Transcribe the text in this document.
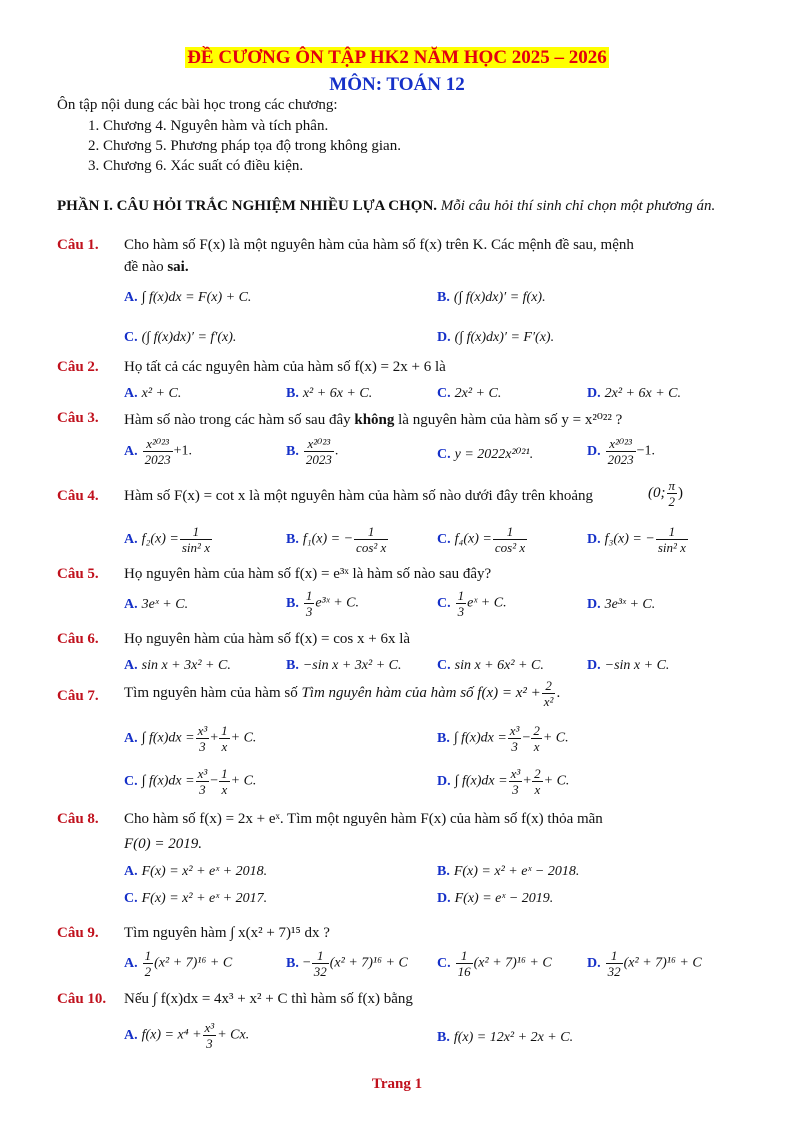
ĐỀ CƯƠNG ÔN TẬP HK2 NĂM HỌC 2025 – 2026
MÔN: TOÁN 12
Ôn tập nội dung các bài học trong các chương:
1. Chương 4. Nguyên hàm và tích phân.
2. Chương 5. Phương pháp tọa độ trong không gian.
3. Chương 6. Xác suất có điều kiện.
PHẦN I. CÂU HỎI TRẮC NGHIỆM NHIỀU LỰA CHỌN. Mỗi câu hỏi thí sinh chỉ chọn một phương án.
Câu 1. Cho hàm số F(x) là một nguyên hàm của hàm số f(x) trên K. Các mệnh đề sau, mệnh
đề nào sai.
A. ∫ f(x)dx = F(x) + C.	B. (∫ f(x)dx)′ = f(x).
C. (∫ f(x)dx)′ = f′(x).	D. (∫ f(x)dx)′ = F′(x).
Câu 2. Họ tất cả các nguyên hàm của hàm số f(x) = 2x + 6 là
A. x² + C.	B. x² + 6x + C.	C. 2x² + C.	D. 2x² + 6x + C.
Câu 3. Hàm số nào trong các hàm số sau đây không là nguyên hàm của hàm số y = x²⁰²² ?
A. $\frac{\text{x²⁰²³}}{2023} +1$.	B. $\frac{\text{x²⁰²³}}{2023}$ .	C. y = 2022x²⁰²¹.	D. $\frac{\text{x²⁰²³}}{2023} -1$.
Câu 4. Hàm số F(x) = cot x là một nguyên hàm của hàm số nào dưới đây trên khoảng	(0; $\frac{\pi}{2}$ )
A. $f_2(x) = \frac{1}{\text{sin² x}}$	B. f₁(x) = − $\frac{1}{\text{cos² x}}$	C. $f_4(x) = \frac{1}{\text{cos² x}}$	D. f₃(x) = − $\frac{1}{\text{sin² x}}$
Câu 5. Họ nguyên hàm của hàm số f(x) = e³ˣ là hàm số nào sau đây?
A. 3eˣ + C.	B. $\frac{1}{3}$ e³ˣ + C.	C. $\frac{1}{3}$ eˣ + C.	D. 3e³ˣ + C.
Câu 6. Họ nguyên hàm của hàm số f(x) = cos x + 6x là
A. sin x + 3x² + C.	B. −sin x + 3x² + C.	C. sin x + 6x² + C.	D. −sin x + C.
Câu 7. Tìm nguyên hàm của hàm số Tìm nguyên hàm của hàm số $f(x) = x^2 + \frac{2}{\text{x²}}$ .
A. ∫ $f(x)dx = \frac{\text{x³}}{3} + \frac{1}{x} + C$.	B. ∫ $f(x)dx = \frac{\text{x³}}{3} - \frac{2}{x} + C$.
C. ∫ $f(x)dx = \frac{\text{x³}}{3} - \frac{1}{x} + C$.	D. ∫ $f(x)dx = \frac{\text{x³}}{3} + \frac{2}{x} + C$.
Câu 8. Cho hàm số f(x) = 2x + eˣ. Tìm một nguyên hàm F(x) của hàm số f(x) thỏa mãn
F(0) = 2019.
A. F(x) = x² + eˣ + 2018.	B. F(x) = x² + eˣ − 2018.
C. F(x) = x² + eˣ + 2017.	D. F(x) = eˣ − 2019.
Câu 9. Tìm nguyên hàm ∫ x(x² + 7)¹⁵ dx ?
A. $\frac{1}{2} (x^2 + 7)^{16} + C$	B. − $\frac{1}{32} (x^2 + 7)^{16} + C$ C. $\frac{1}{16} (x^2 + 7)^{16} + C$	D. $\frac{1}{32} (x^2 + 7)^{16} + C$
Câu 10. Nếu ∫ f(x)dx = 4x³ + x² + C thì hàm số f(x) bằng
A. $f(x) = x^4 + \frac{\text{x³}}{3} + Cx$.	B. f(x) = 12x² + 2x + C.
Trang 1
